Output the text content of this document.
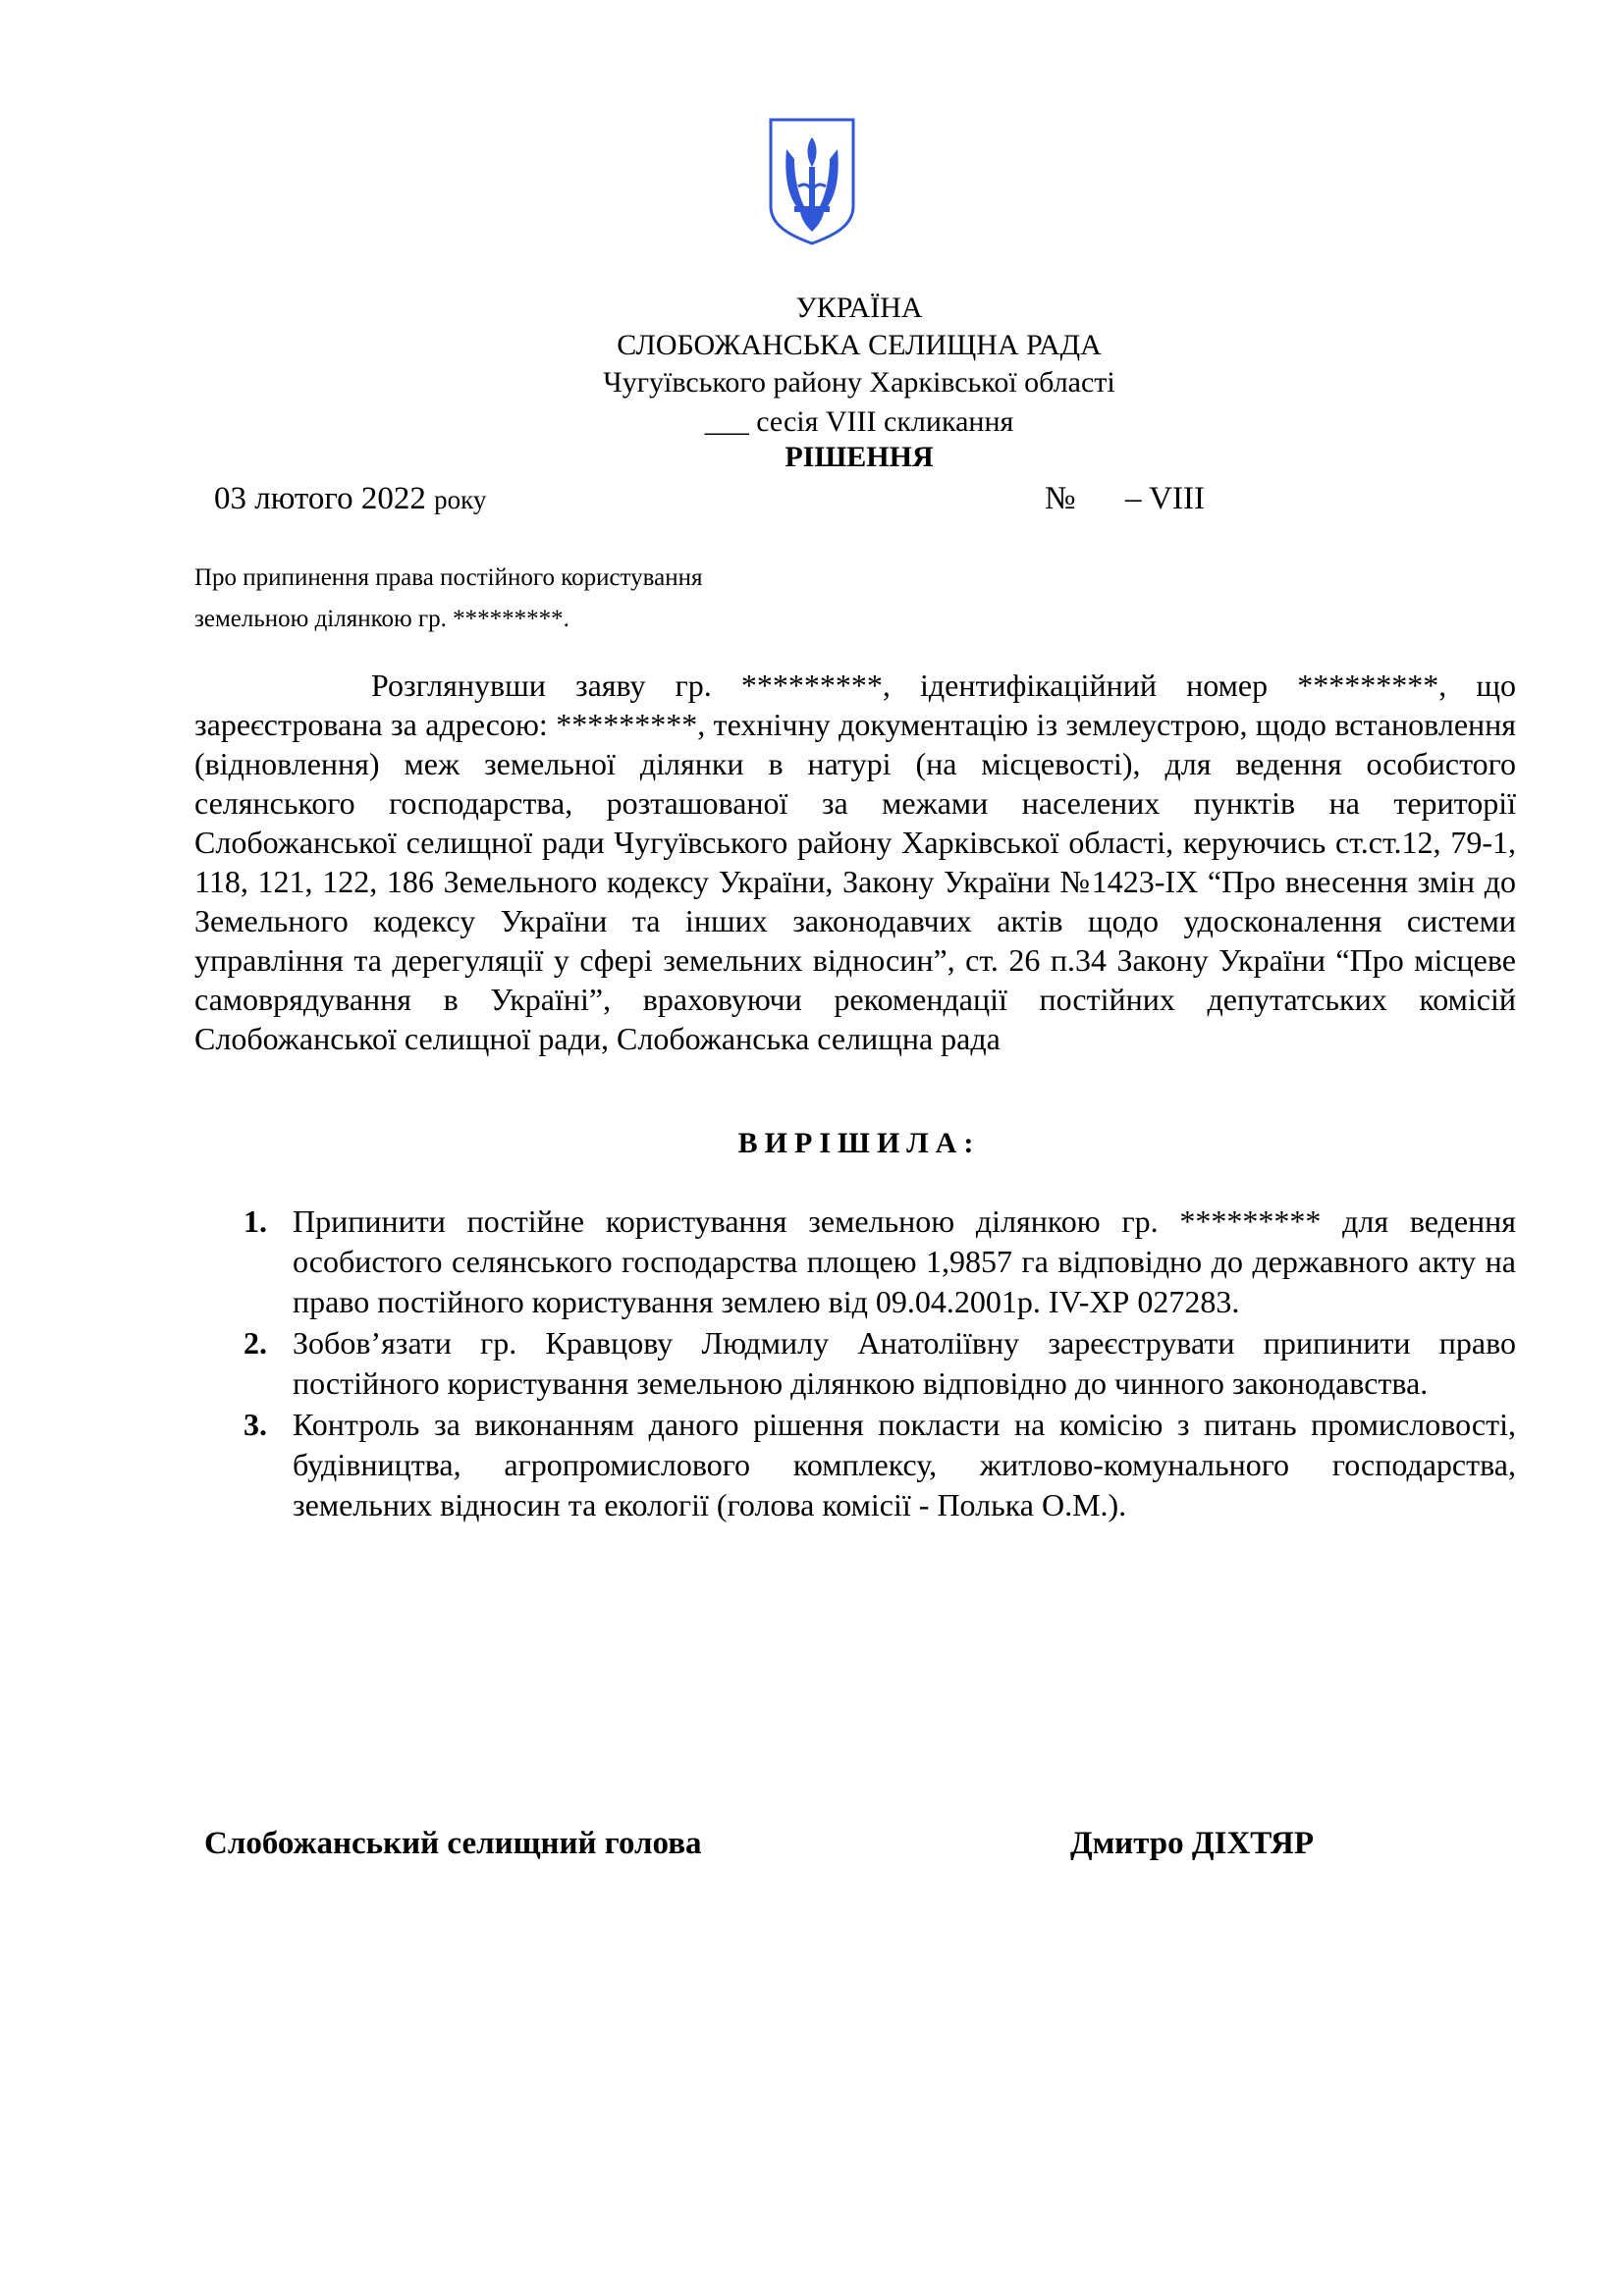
УКРАЇНА
СЛОБОЖАНСЬКА СЕЛИЩНА РАДА
Чугуївського району Харківської області
___ сесія VIII скликання
РІШЕННЯ
03 лютого 2022 року	№ – VIII
Про припинення права постійного користування
земельною ділянкою гр. *********.

Розглянувши заяву гр. *********, ідентифікаційний номер *********, що зареєстрована за адресою: *********, технічну документацію із землеустрою, щодо встановлення (відновлення) меж земельної ділянки в натурі (на місцевості), для ведення особистого селянського господарства, розташованої за межами населених пунктів на території Слобожанської селищної ради Чугуївського району Харківської області, керуючись ст.ст.12, 79-1, 118, 121, 122, 186 Земельного кодексу України, Закону України №1423-IX “Про внесення змін до Земельного кодексу України та інших законодавчих актів щодо удосконалення системи управління та дерегуляції у сфері земельних відносин”, ст. 26 п.34 Закону України “Про місцеве самоврядування в Україні”, враховуючи рекомендації постійних депутатських комісій Слобожанської селищної ради, Слобожанська селищна рада

ВИРІШИЛА:
1. Припинити постійне користування земельною ділянкою гр. ********* для ведення особистого селянського господарства площею 1,9857 га відповідно до державного акту на право постійного користування землею від 09.04.2001р. IV-ХР 027283.
2. Зобов’язати гр. Кравцову Людмилу Анатоліївну зареєструвати припинити право постійного користування земельною ділянкою відповідно до чинного законодавства.
3. Контроль за виконанням даного рішення покласти на комісію з питань промисловості, будівництва, агропромислового комплексу, житлово-комунального господарства, земельних відносин та екології (голова комісії - Полька О.М.).
Слобожанський селищний голова	Дмитро ДІХТЯР
